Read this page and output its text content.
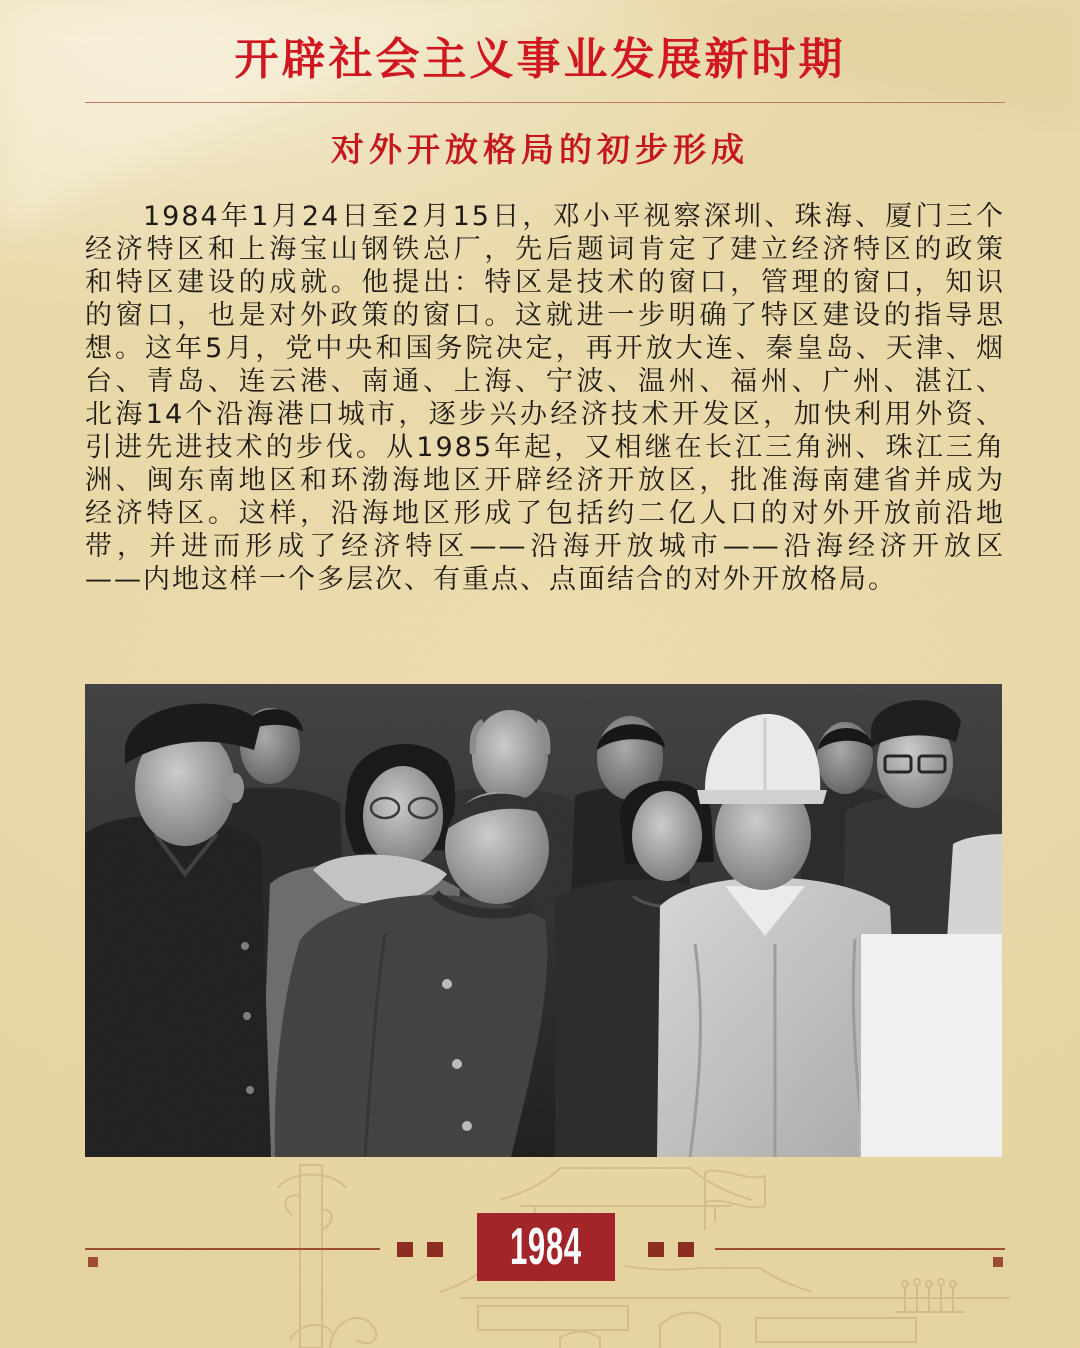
开辟社会主义事业发展新时期
对外开放格局的初步形成
1984年1月24日至2月15日，邓小平视察深圳、珠海、厦门三个
经济特区和上海宝山钢铁总厂，先后题词肯定了建立经济特区的政策
和特区建设的成就。他提出：特区是技术的窗口，管理的窗口，知识
的窗口，也是对外政策的窗口。这就进一步明确了特区建设的指导思
想。这年5月，党中央和国务院决定，再开放大连、秦皇岛、天津、烟
台、青岛、连云港、南通、上海、宁波、温州、福州、广州、湛江、
北海14个沿海港口城市，逐步兴办经济技术开发区，加快利用外资、
引进先进技术的步伐。从1985年起，又相继在长江三角洲、珠江三角
洲、闽东南地区和环渤海地区开辟经济开放区，批准海南建省并成为
经济特区。这样，沿海地区形成了包括约二亿人口的对外开放前沿地
带，并进而形成了经济特区——沿海开放城市——沿海经济开放区
——内地这样一个多层次、有重点、点面结合的对外开放格局。
1984
